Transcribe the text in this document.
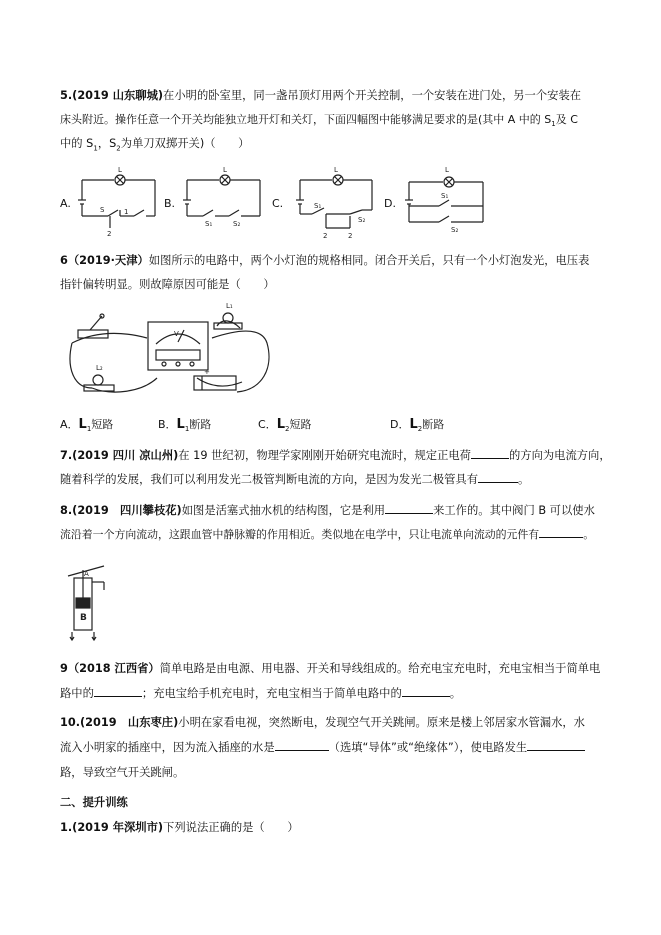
5.(2019 山东聊城)在小明的卧室里，同一盏吊顶灯用两个开关控制，一个安装在进门处，另一个安装在
床头附近。操作任意一个开关均能独立地开灯和关灯，下面四幅图中能够满足要求的是(其中 A 中的 $S_1$及 C
中的 $S_1$，$S_2$为单刀双掷开关)（　　）
A.	B.	C.	D.
L
S	1
2
L
S₁	S₂
L
S₁
S₂
2	2
L
S₁
S₂
6（2019·天津）如图所示的电路中，两个小灯泡的规格相同。闭合开关后，只有一个小灯泡发光，电压表
指针偏转明显。则故障原因可能是（　　）
V
L₁
L₂	+
A．$L_1$短路	B．$L_1$断路	C．$L_2$短路	D．$L_2$断路
7.(2019 四川 凉山州)在 19 世纪初，物理学家刚刚开始研究电流时，规定正电荷	的方向为电流方向，
随着科学的发展，我们可以利用发光二极管判断电流的方向，是因为发光二极管具有	。
8.(2019　四川攀枝花)如图是活塞式抽水机的结构图，它是利用	来工作的。其中阀门 B 可以使水
流沿着一个方向流动，这跟血管中静脉瓣的作用相近。类似地在电学中，只让电流单向流动的元件有	。
A
B
9（2018 江西省）简单电路是由电源、用电器、开关和导线组成的。给充电宝充电时，充电宝相当于简单电
路中的	；充电宝给手机充电时，充电宝相当于简单电路中的	。
10.(2019　山东枣庄)小明在家看电视，突然断电，发现空气开关跳闸。原来是楼上邻居家水管漏水，水
流入小明家的插座中，因为流入插座的水是	（选填“导体”或“绝缘体”），使电路发生
路，导致空气开关跳闸。
二、提升训练
1.(2019 年深圳市)下列说法正确的是（　　）
